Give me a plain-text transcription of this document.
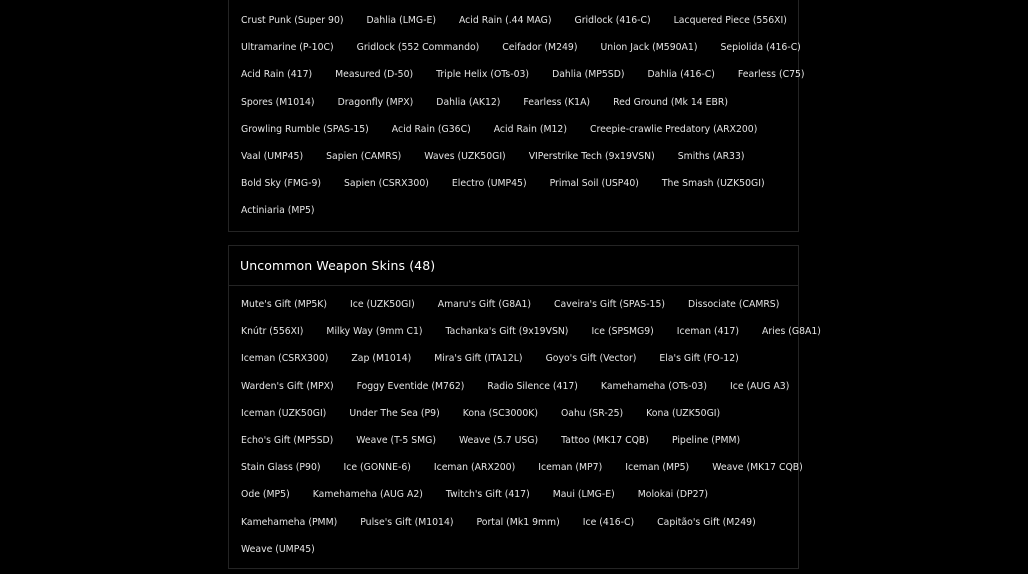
Crust Punk (Super 90)	Dahlia (LMG-E)	Acid Rain (.44 MAG)	Gridlock (416-C)	Lacquered Piece (556XI)
Ultramarine (P-10C)	Gridlock (552 Commando)	Ceifador (M249)	Union Jack (M590A1)	Sepiolida (416-C)
Acid Rain (417)	Measured (D-50)	Triple Helix (OTs-03)	Dahlia (MP5SD)	Dahlia (416-C)	Fearless (C75)
Spores (M1014)	Dragonfly (MPX)	Dahlia (AK12)	Fearless (K1A)	Red Ground (Mk 14 EBR)
Growling Rumble (SPAS-15)	Acid Rain (G36C)	Acid Rain (M12)	Creepie-crawlie Predatory (ARX200)
Vaal (UMP45)	Sapien (CAMRS)	Waves (UZK50GI)	VIPerstrike Tech (9x19VSN)	Smiths (AR33)
Bold Sky (FMG-9)	Sapien (CSRX300)	Electro (UMP45)	Primal Soil (USP40)	The Smash (UZK50GI)
Actiniaria (MP5)
Uncommon Weapon Skins (48)
Mute's Gift (MP5K)	Ice (UZK50GI)	Amaru's Gift (G8A1)	Caveira's Gift (SPAS-15)	Dissociate (CAMRS)
Knútr (556XI)	Milky Way (9mm C1)	Tachanka's Gift (9x19VSN)	Ice (SPSMG9)	Iceman (417)	Aries (G8A1)
Iceman (CSRX300)	Zap (M1014)	Mira's Gift (ITA12L)	Goyo's Gift (Vector)	Ela's Gift (FO-12)
Warden's Gift (MPX)	Foggy Eventide (M762)	Radio Silence (417)	Kamehameha (OTs-03)	Ice (AUG A3)
Iceman (UZK50GI)	Under The Sea (P9)	Kona (SC3000K)	Oahu (SR-25)	Kona (UZK50GI)
Echo's Gift (MP5SD)	Weave (T-5 SMG)	Weave (5.7 USG)	Tattoo (MK17 CQB)	Pipeline (PMM)
Stain Glass (P90)	Ice (GONNE-6)	Iceman (ARX200)	Iceman (MP7)	Iceman (MP5)	Weave (MK17 CQB)
Ode (MP5)	Kamehameha (AUG A2)	Twitch's Gift (417)	Maui (LMG-E)	Molokai (DP27)
Kamehameha (PMM)	Pulse's Gift (M1014)	Portal (Mk1 9mm)	Ice (416-C)	Capitão's Gift (M249)
Weave (UMP45)
